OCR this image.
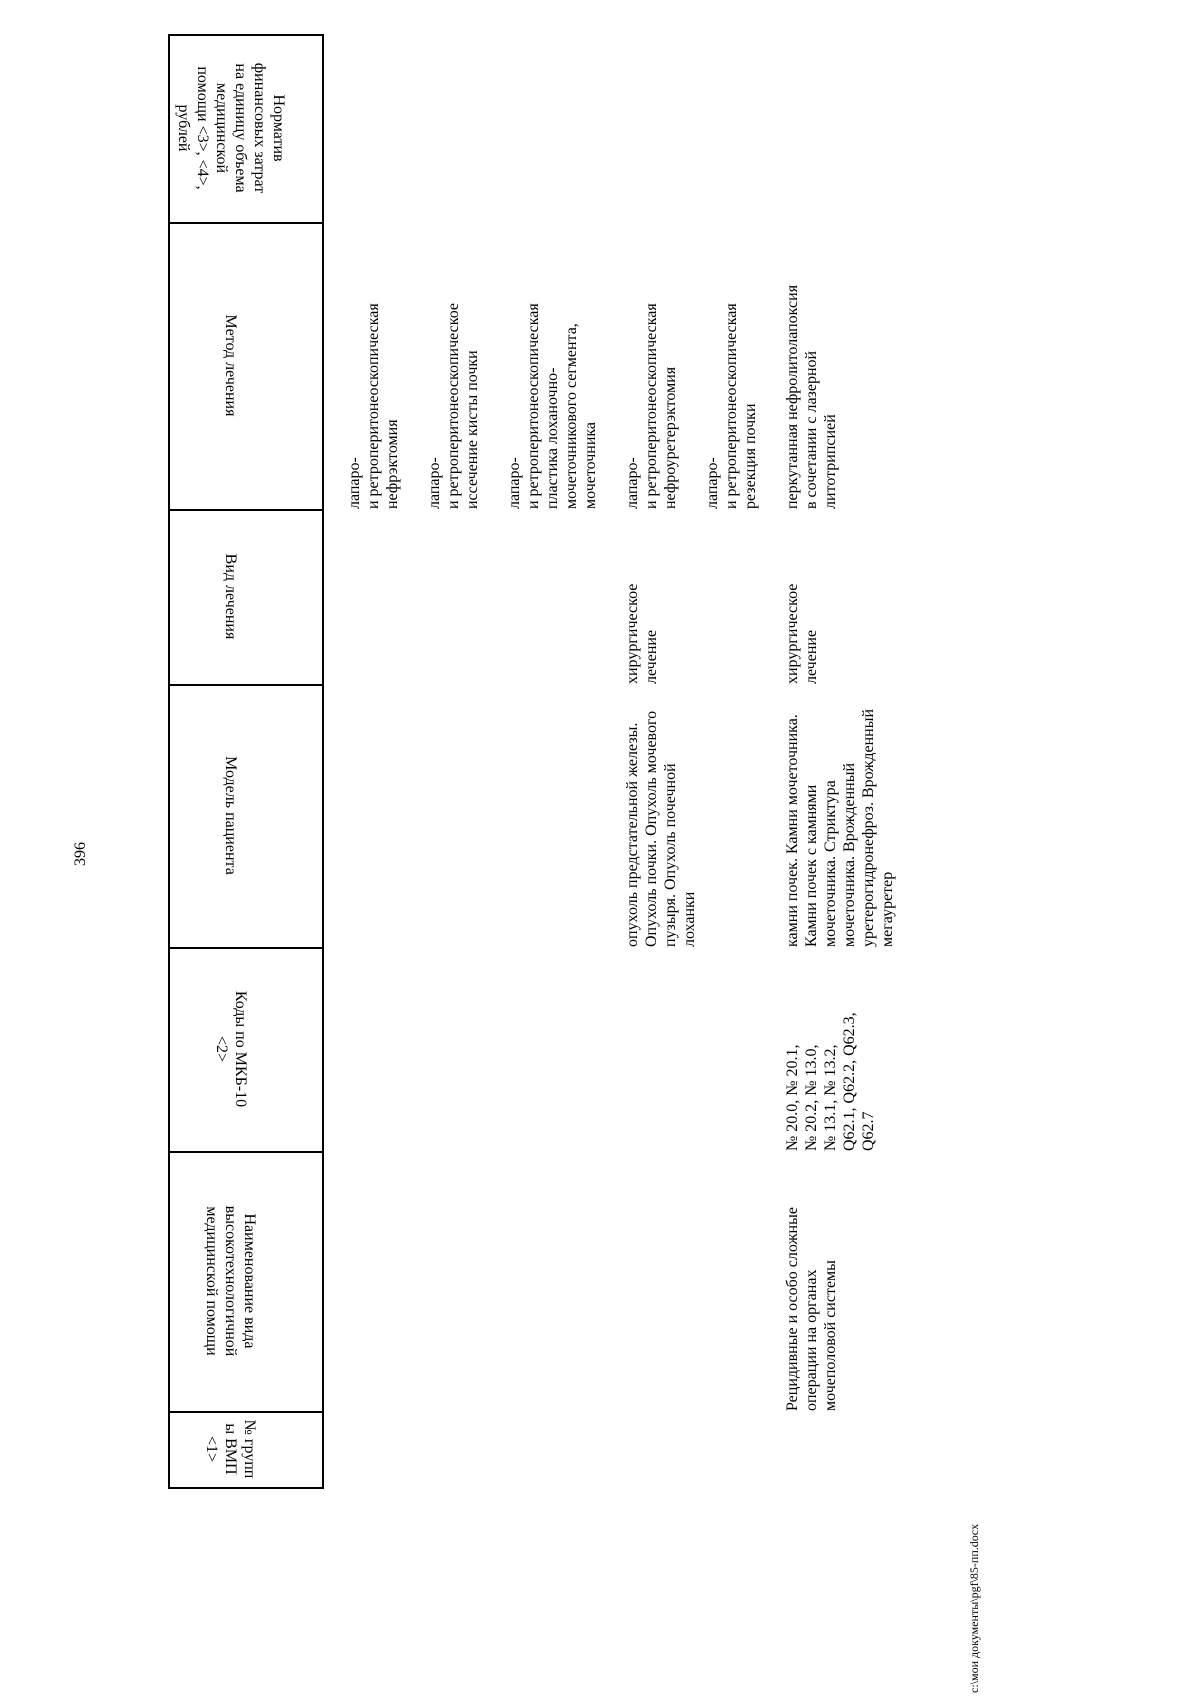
396
Норматив
финансовых затрат
на единицу объема
медицинской
помощи <3>, <4>,
рублей
Метод лечения
Вид лечения
Модель пациента
Коды по МКБ-10
<2>
Наименование вида
высокотехнологичной
медицинской помощи
№ групп
ы ВМП
<1>
лапаро-
и ретроперитонеоскопическая
нефрэктомия лапаро-
и ретроперитонеоскопическое
иссечение кисты почки
лапаро-
и ретроперитонеоскопическая
пластика лоханочно-
мочеточникового сегмента,
мочеточника лапаро-
и ретроперитонеоскопическая
нефроуретерэктомия лапаро-
и ретроперитонеоскопическая
резекция почки
перкутанная нефролитолапоксия
в сочетании с лазерной
литотрипсией
хирургическое
лечение	хирургическое
лечение
опухоль предстательной железы.
Опухоль почки. Опухоль мочевого
пузыря. Опухоль почечной
лоханки	камни почек. Камни мочеточника.
Камни почек с камнями
мочеточника. Стриктура
мочеточника. Врожденный
уретерогидронефроз. Врожденный
мегауретер
№ 20.0, № 20.1,
№ 20.2, № 13.0,
№ 13.1, № 13.2,
Q62.1, Q62.2, Q62.3,
Q62.7
Рецидивные и особо сложные
операции на органах
мочеполовой системы
c:\мои документы\pgf\85-пп.docx
